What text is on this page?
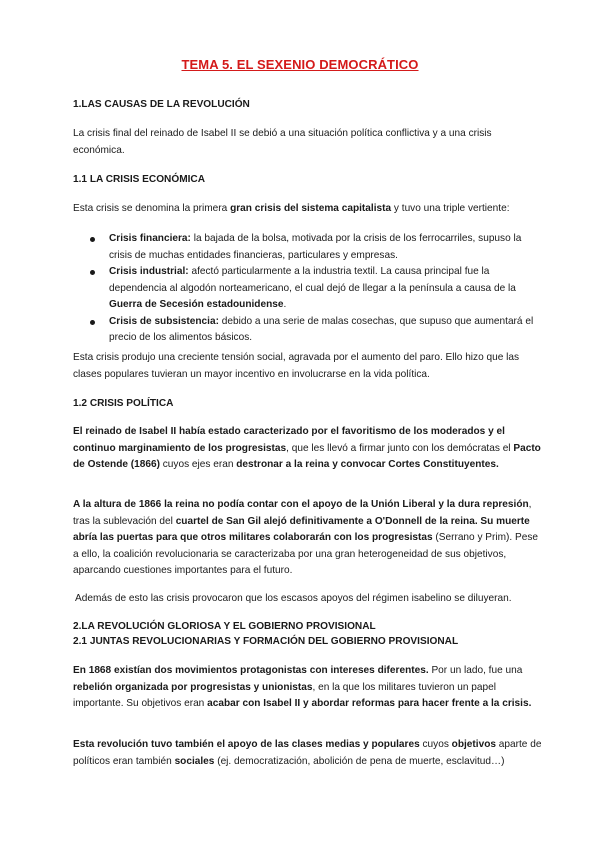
TEMA 5. EL SEXENIO DEMOCRÁTICO
1.LAS CAUSAS DE LA REVOLUCIÓN
La crisis final del reinado de Isabel II se debió a una situación política conflictiva y a una crisis económica.
1.1 LA CRISIS ECONÓMICA
Esta crisis se denomina la primera gran crisis del sistema capitalista y tuvo una triple vertiente:
Crisis financiera: la bajada de la bolsa, motivada por la crisis de los ferrocarriles, supuso la crisis de muchas entidades financieras, particulares y empresas.
Crisis industrial: afectó particularmente a la industria textil. La causa principal fue la dependencia al algodón norteamericano, el cual dejó de llegar a la península a causa de la Guerra de Secesión estadounidense.
Crisis de subsistencia: debido a una serie de malas cosechas, que supuso que aumentará el precio de los alimentos básicos.
Esta crisis produjo una creciente tensión social, agravada por el aumento del paro. Ello hizo que las clases populares tuvieran un mayor incentivo en involucrarse en la vida política.
1.2 CRISIS POLÍTICA
El reinado de Isabel II había estado caracterizado por el favoritismo de los moderados y el continuo marginamiento de los progresistas, que les llevó a firmar junto con los demócratas el Pacto de Ostende (1866) cuyos ejes eran destronar a la reina y convocar Cortes Constituyentes.
A la altura de 1866 la reina no podía contar con el apoyo de la Unión Liberal y la dura represión, tras la sublevación del cuartel de San Gil alejó definitivamente a O'Donnell de la reina. Su muerte abría las puertas para que otros militares colaborarán con los progresistas (Serrano y Prim). Pese a ello, la coalición revolucionaria se caracterizaba por una gran heterogeneidad de sus objetivos, aparcando cuestiones importantes para el futuro.
Además de esto las crisis provocaron que los escasos apoyos del régimen isabelino se diluyeran.
2.LA REVOLUCIÓN GLORIOSA Y EL GOBIERNO PROVISIONAL
2.1 JUNTAS REVOLUCIONARIAS Y FORMACIÓN DEL GOBIERNO PROVISIONAL
En 1868 existían dos movimientos protagonistas con intereses diferentes. Por un lado, fue una rebelión organizada por progresistas y unionistas, en la que los militares tuvieron un papel importante. Su objetivos eran acabar con Isabel II y abordar reformas para hacer frente a la crisis.
Esta revolución tuvo también el apoyo de las clases medias y populares cuyos objetivos aparte de políticos eran también sociales (ej. democratización, abolición de pena de muerte, esclavitud…)
